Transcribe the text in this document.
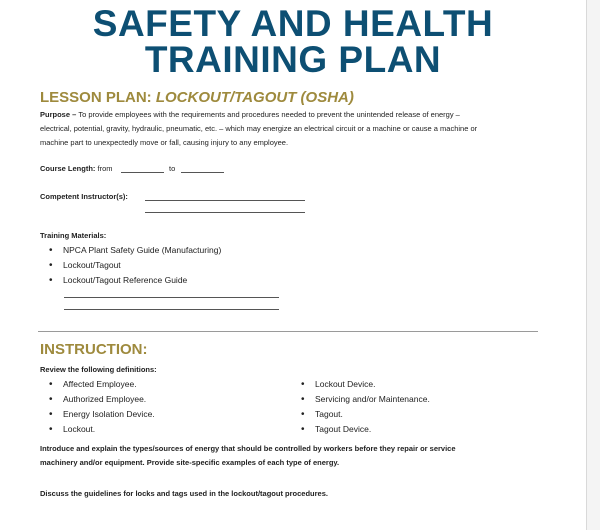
SAFETY AND HEALTH
TRAINING PLAN
LESSON PLAN: LOCKOUT/TAGOUT (OSHA)
Purpose – To provide employees with the requirements and procedures needed to prevent the unintended release of energy –
electrical, potential, gravity, hydraulic, pneumatic, etc. – which may energize an electrical circuit or a machine or cause a machine or
machine part to unexpectedly move or fall, causing injury to any employee.
Course Length: from	to
Competent Instructor(s):
Training Materials:
• NPCA Plant Safety Guide (Manufacturing)
• Lockout/Tagout
• Lockout/Tagout Reference Guide
INSTRUCTION:
Review the following definitions:
• Affected Employee.
• Authorized Employee.
• Energy Isolation Device.
• Lockout.
• Lockout Device.
• Servicing and/or Maintenance.
• Tagout.
• Tagout Device.
Introduce and explain the types/sources of energy that should be controlled by workers before they repair or service
machinery and/or equipment. Provide site-specific examples of each type of energy.
Discuss the guidelines for locks and tags used in the lockout/tagout procedures.
